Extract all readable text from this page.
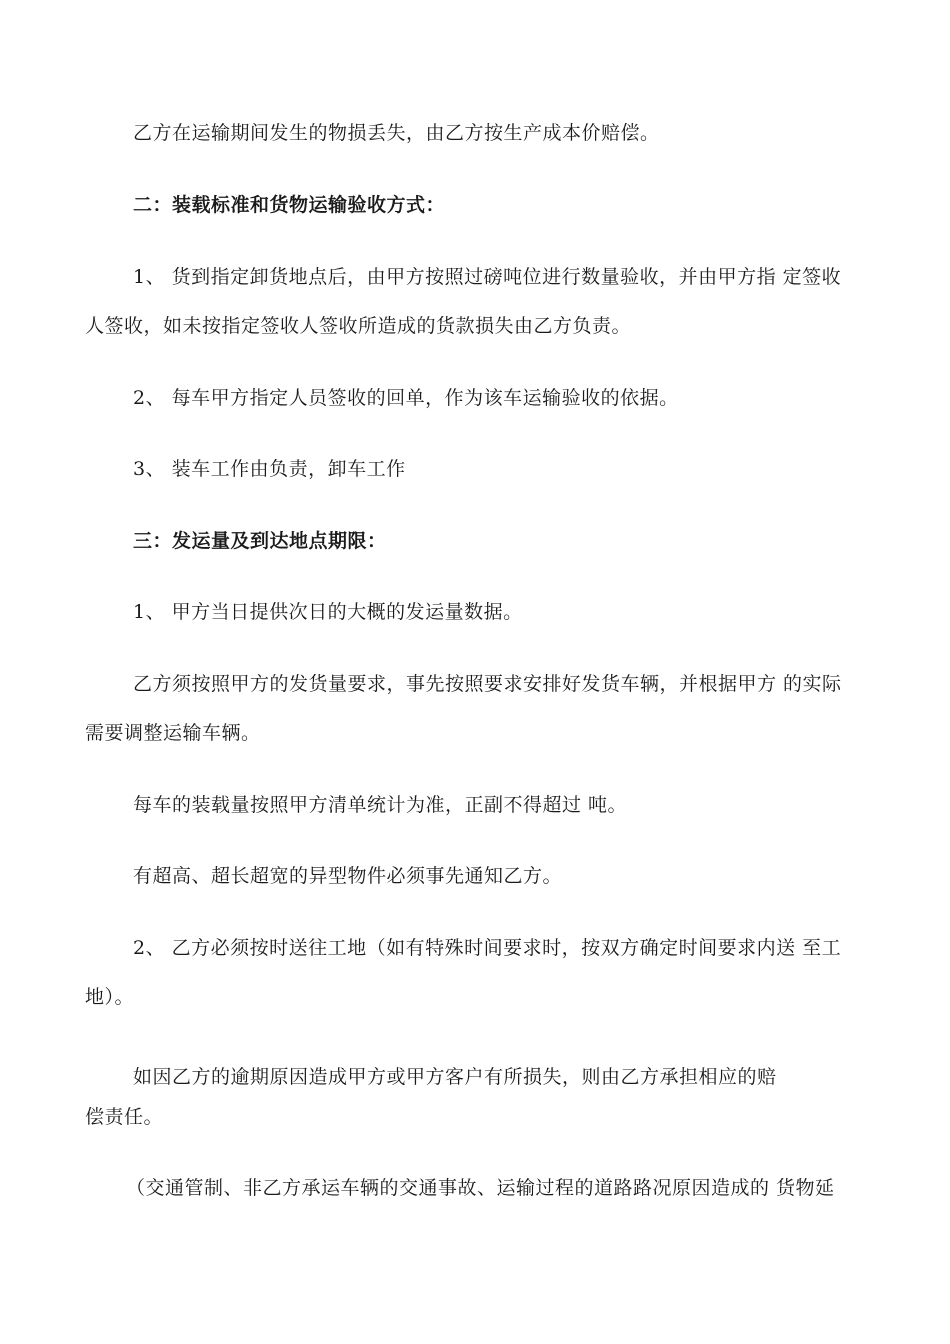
乙方在运输期间发生的物损丢失，由乙方按生产成本价赔偿。
二：装载标准和货物运输验收方式：
1、 货到指定卸货地点后，由甲方按照过磅吨位进行数量验收，并由甲方指 定签收
人签收，如未按指定签收人签收所造成的货款损失由乙方负责。
2、 每车甲方指定人员签收的回单，作为该车运输验收的依据。
3、 装车工作由负责，卸车工作
三：发运量及到达地点期限：
1、 甲方当日提供次日的大概的发运量数据。
乙方须按照甲方的发货量要求，事先按照要求安排好发货车辆，并根据甲方 的实际
需要调整运输车辆。
每车的装载量按照甲方清单统计为准，正副不得超过 吨。
有超高、超长超宽的异型物件必须事先通知乙方。
2、 乙方必须按时送往工地（如有特殊时间要求时，按双方确定时间要求内送 至工
地）。
如因乙方的逾期原因造成甲方或甲方客户有所损失，则由乙方承担相应的赔
偿责任。
（交通管制、非乙方承运车辆的交通事故、运输过程的道路路况原因造成的 货物延
